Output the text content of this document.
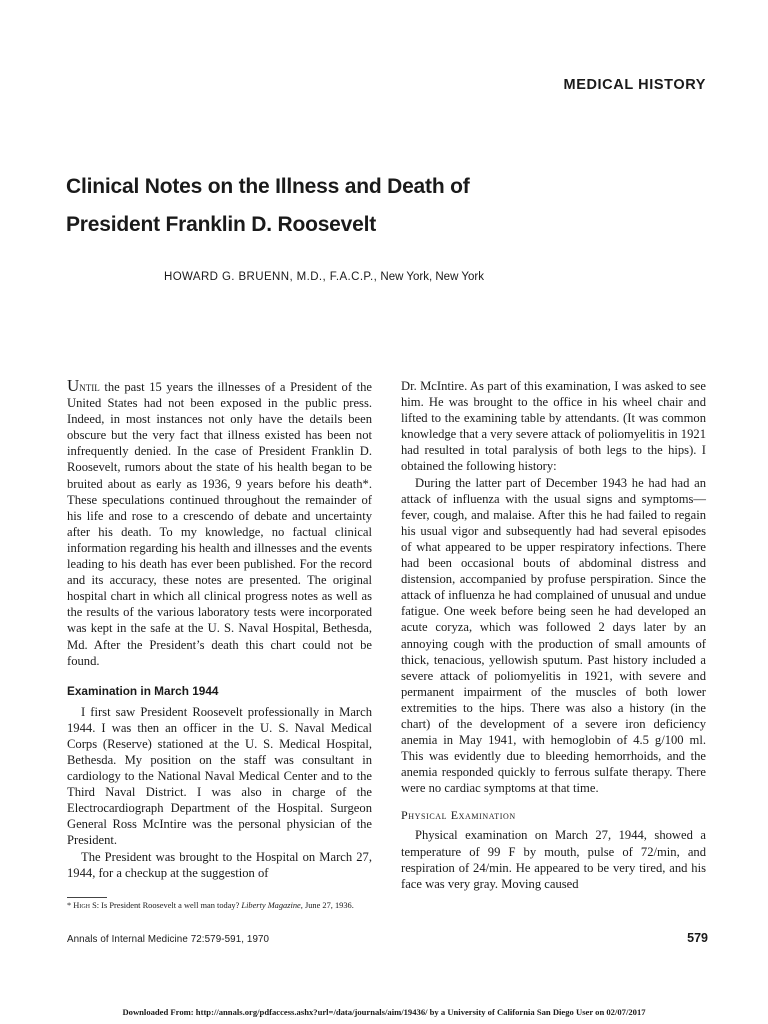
MEDICAL HISTORY
Clinical Notes on the Illness and Death of
President Franklin D. Roosevelt
HOWARD G. BRUENN, M.D., F.A.C.P., New York, New York

Until the past 15 years the illnesses of a President of the United States had not been exposed in the public press. Indeed, in most instances not only have the details been obscure but the very fact that illness existed has been not infrequently denied. In the case of President Franklin D. Roosevelt, rumors about the state of his health began to be bruited about as early as 1936, 9 years before his death*. These speculations continued throughout the remainder of his life and rose to a crescendo of debate and uncertainty after his death. To my knowledge, no factual clinical information regarding his health and illnesses and the events leading to his death has ever been published. For the record and its accuracy, these notes are presented. The original hospital chart in which all clinical progress notes as well as the results of the various laboratory tests were incorporated was kept in the safe at the U. S. Naval Hospital, Bethesda, Md. After the President’s death this chart could not be found.

Examination in March 1944

I first saw President Roosevelt professionally in March 1944. I was then an officer in the U. S. Naval Medical Corps (Reserve) stationed at the U. S. Medical Hospital, Bethesda. My position on the staff was consultant in cardiology to the National Naval Medical Center and to the Third Naval District. I was also in charge of the Electrocardiograph Department of the Hospital. Surgeon General Ross McIntire was the personal physician of the President.

The President was brought to the Hospital on March 27, 1944, for a checkup at the suggestion of

Dr. McIntire. As part of this examination, I was asked to see him. He was brought to the office in his wheel chair and lifted to the examining table by attendants. (It was common knowledge that a very severe attack of poliomyelitis in 1921 had resulted in total paralysis of both legs to the hips). I obtained the following history:

During the latter part of December 1943 he had had an attack of influenza with the usual signs and symptoms—fever, cough, and malaise. After this he had failed to regain his usual vigor and subsequently had had several episodes of what appeared to be upper respiratory infections. There had been occasional bouts of abdominal distress and distension, accompanied by profuse perspiration. Since the attack of influenza he had complained of unusual and undue fatigue. One week before being seen he had developed an acute coryza, which was followed 2 days later by an annoying cough with the production of small amounts of thick, tenacious, yellowish sputum. Past history included a severe attack of poliomyelitis in 1921, with severe and permanent impairment of the muscles of both lower extremities to the hips. There was also a history (in the chart) of the development of a severe iron deficiency anemia in May 1941, with hemoglobin of 4.5 g/100 ml. This was evidently due to bleeding hemorrhoids, and the anemia responded quickly to ferrous sulfate therapy. There were no cardiac symptoms at that time.

Physical Examination

Physical examination on March 27, 1944, showed a temperature of 99 F by mouth, pulse of 72/min, and respiration of 24/min. He appeared to be very tired, and his face was very gray. Moving caused

* High S: Is President Roosevelt a well man today? Liberty Magazine, June 27, 1936.
Annals of Internal Medicine 72:579-591, 1970	579
Downloaded From: http://annals.org/pdfaccess.ashx?url=/data/journals/aim/19436/ by a University of California San Diego User on 02/07/2017
